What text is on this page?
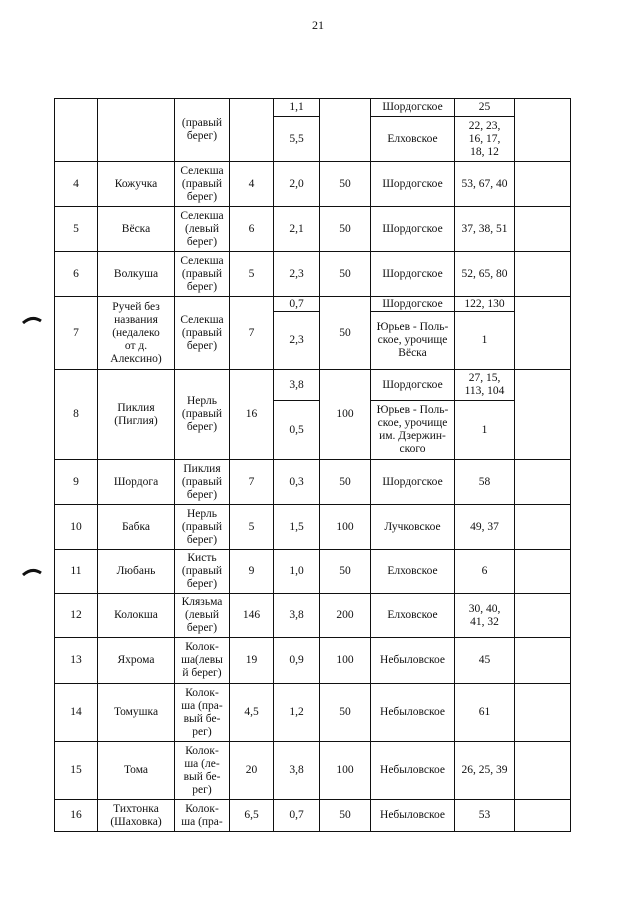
21
		(правый
берег)		1,1		Шордогское	25	
				5,5		Елховское	22, 23,
16, 17,
18, 12	
4	Кожучка	Селекша
(правый
берег)	4	2,0	50	Шордогское	53, 67, 40	
5	Вёска	Селекша
(левый
берег)	6	2,1	50	Шордогское	37, 38, 51	
6	Волкуша	Селекша
(правый
берег)	5	2,3	50	Шордогское	52, 65, 80	
7	Ручей без
названия
(недалеко
от д.
Алексино)	Селекша
(правый
берег)	7	0,7	50	Шордогское	122, 130	
				2,3		Юрьев - Поль-
ское, урочище
Вёска	1	
8	Пиклия
(Пиглия)	Нерль
(правый
берег)	16	3,8	100	Шордогское	27, 15,
113, 104	
				0,5		Юрьев - Поль-
ское, урочище
им. Дзержин-
ского	1	
9	Шордога	Пиклия
(правый
берег)	7	0,3	50	Шордогское	58	
10	Бабка	Нерль
(правый
берег)	5	1,5	100	Лучковское	49, 37	
11	Любань	Кисть
(правый
берег)	9	1,0	50	Елховское	6	
12	Колокша	Клязьма
(левый
берег)	146	3,8	200	Елховское	30, 40,
41, 32	
13	Яхрома	Колок-
ша(левы
й берег)	19	0,9	100	Небыловское	45	
14	Томушка	Колок-
ша (пра-
вый бе-
рег)	4,5	1,2	50	Небыловское	61	
15	Тома	Колок-
ша (ле-
вый бе-
рег)	20	3,8	100	Небыловское	26, 25, 39	
16	Тихтонка
(Шаховка)	Колок-
ша (пра-	6,5	0,7	50	Небыловское	53	
